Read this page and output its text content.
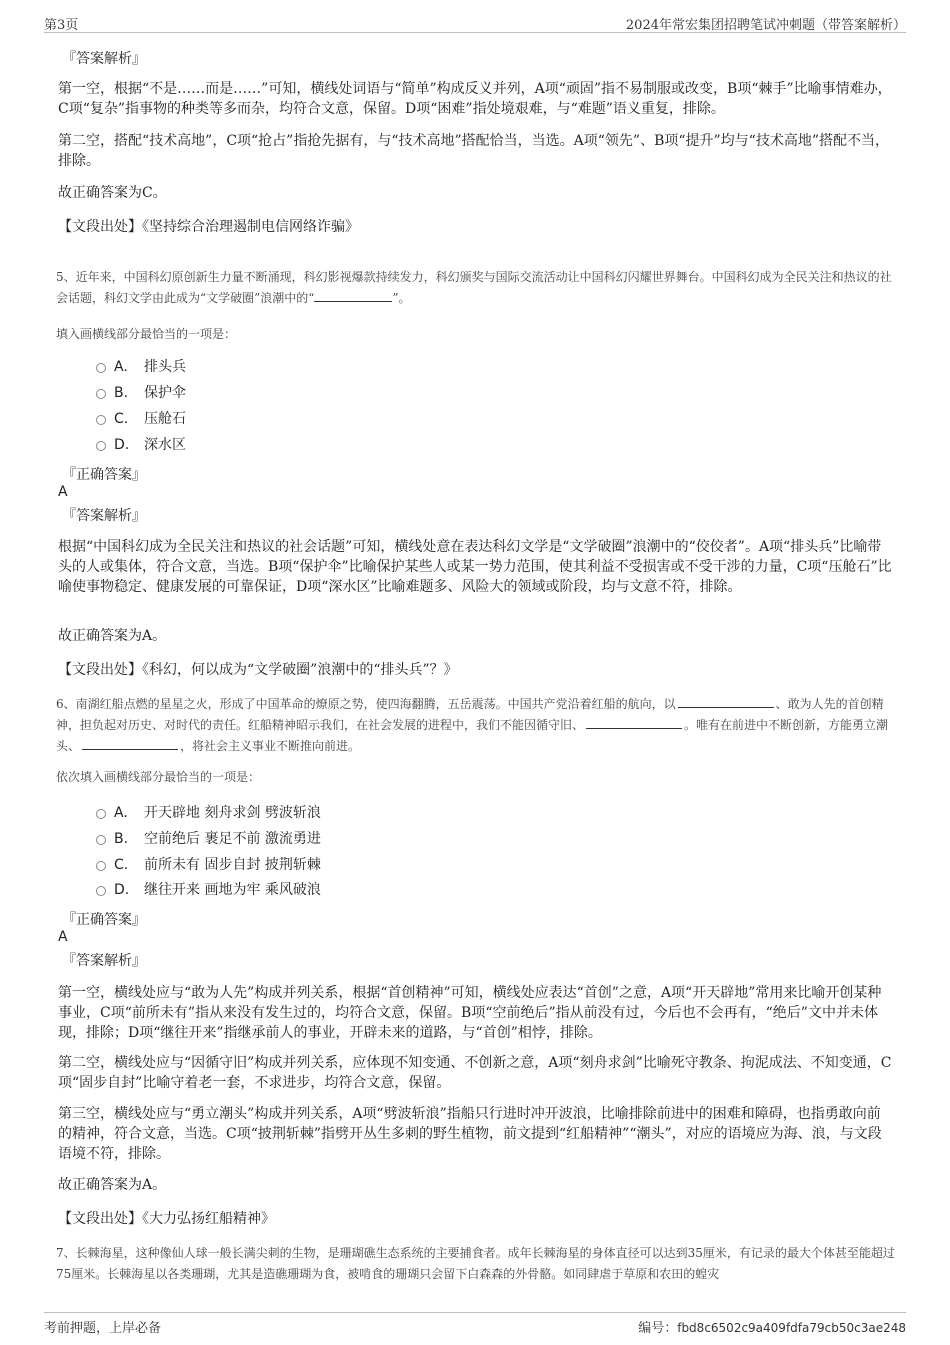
第3页	2024年常宏集团招聘笔试冲刺题（带答案解析）
『答案解析』

第一空，根据“不是……而是……”可知，横线处词语与“简单”构成反义并列，A项“顽固”指不易制服或改变，B项“棘手”比喻事情难办，C项“复杂”指事物的种类等多而杂，均符合文意，保留。D项“困难”指处境艰难，与“难题”语义重复，排除。

第二空，搭配“技术高地”，C项“抢占”指抢先据有，与“技术高地”搭配恰当，当选。A项“领先”、B项“提升”均与“技术高地”搭配不当，排除。

故正确答案为C。

【文段出处】《坚持综合治理遏制电信网络诈骗》

5、近年来，中国科幻原创新生力量不断涌现，科幻影视爆款持续发力，科幻颁奖与国际交流活动让中国科幻闪耀世界舞台。中国科幻成为全民关注和热议的社会话题，科幻文学由此成为“文学破圈”浪潮中的“	”。

填入画横线部分最恰当的一项是：

A. 排头兵
B. 保护伞
C. 压舱石
D. 深水区
『正确答案』
A
『答案解析』

根据“中国科幻成为全民关注和热议的社会话题”可知，横线处意在表达科幻文学是“文学破圈”浪潮中的“佼佼者”。A项“排头兵”比喻带头的人或集体，符合文意，当选。B项“保护伞”比喻保护某些人或某一势力范围，使其利益不受损害或不受干涉的力量，C项“压舱石”比喻使事物稳定、健康发展的可靠保证，D项“深水区”比喻难题多、风险大的领域或阶段，均与文意不符，排除。

故正确答案为A。

【文段出处】《科幻，何以成为“文学破圈”浪潮中的“排头兵”？》

6、南湖红船点燃的星星之火，形成了中国革命的燎原之势，使四海翻腾，五岳震荡。中国共产党沿着红船的航向，以	、敢为人先的首创精神，担负起对历史、对时代的责任。红船精神昭示我们，在社会发展的进程中，我们不能因循守旧、	。唯有在前进中不断创新，方能勇立潮头、	，将社会主义事业不断推向前进。

依次填入画横线部分最恰当的一项是：

A. 开天辟地 刻舟求剑 劈波斩浪
B. 空前绝后 裹足不前 激流勇进
C. 前所未有 固步自封 披荆斩棘
D. 继往开来 画地为牢 乘风破浪
『正确答案』
A
『答案解析』

第一空，横线处应与“敢为人先”构成并列关系，根据“首创精神”可知，横线处应表达“首创”之意，A项“开天辟地”常用来比喻开创某种事业，C项“前所未有”指从来没有发生过的，均符合文意，保留。B项“空前绝后”指从前没有过，今后也不会再有，“绝后”文中并未体现，排除；D项“继往开来”指继承前人的事业，开辟未来的道路，与“首创”相悖，排除。

第二空，横线处应与“因循守旧”构成并列关系，应体现不知变通、不创新之意，A项“刻舟求剑”比喻死守教条、拘泥成法、不知变通，C项“固步自封”比喻守着老一套，不求进步，均符合文意，保留。

第三空，横线处应与“勇立潮头”构成并列关系，A项“劈波斩浪”指船只行进时冲开波浪，比喻排除前进中的困难和障碍，也指勇敢向前的精神，符合文意，当选。C项“披荆斩棘”指劈开丛生多刺的野生植物，前文提到“红船精神”“潮头”，对应的语境应为海、浪，与文段语境不符，排除。

故正确答案为A。

【文段出处】《大力弘扬红船精神》

7、长棘海星，这种像仙人球一般长满尖刺的生物，是珊瑚礁生态系统的主要捕食者。成年长棘海星的身体直径可以达到35厘米，有记录的最大个体甚至能超过75厘米。长棘海星以各类珊瑚，尤其是造礁珊瑚为食，被啃食的珊瑚只会留下白森森的外骨骼。如同肆虐于草原和农田的蝗灾

考前押题，上岸必备	编号：fbd8c6502c9a409fdfa79cb50c3ae248
